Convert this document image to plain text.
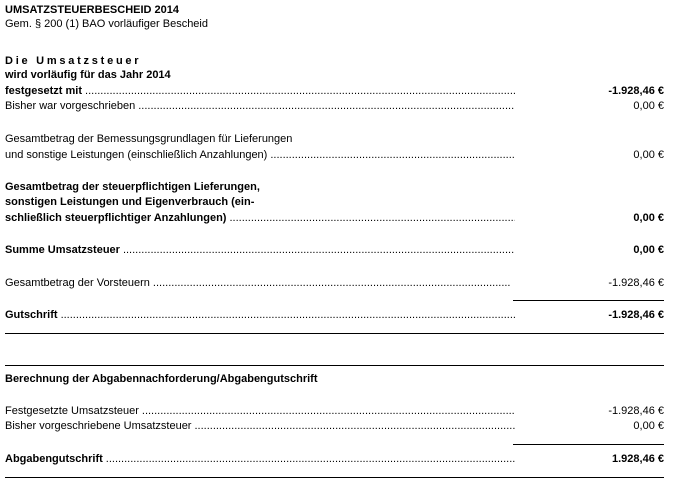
UMSATZSTEUERBESCHEID 2014
Gem. § 200 (1) BAO vorläufiger Bescheid
Die Umsatzsteuer
wird vorläufig für das Jahr 2014
festgesetzt mit .....	-1.928,46 €
Bisher war vorgeschrieben .....	0,00 €
Gesamtbetrag der Bemessungsgrundlagen für Lieferungen
und sonstige Leistungen (einschließlich Anzahlungen) .....	0,00 €
Gesamtbetrag der steuerpflichtigen Lieferungen,
sonstigen Leistungen und Eigenverbrauch (ein-
schließlich steuerpflichtiger Anzahlungen) .....	0,00 €
Summe Umsatzsteuer .....	0,00 €
Gesamtbetrag der Vorsteuern .....	-1.928,46 €
Gutschrift .....	-1.928,46 €
Berechnung der Abgabennachforderung/Abgabengutschrift
Festgesetzte Umsatzsteuer .....	-1.928,46 €
Bisher vorgeschriebene Umsatzsteuer .....	0,00 €
Abgabengutschrift .....	1.928,46 €
